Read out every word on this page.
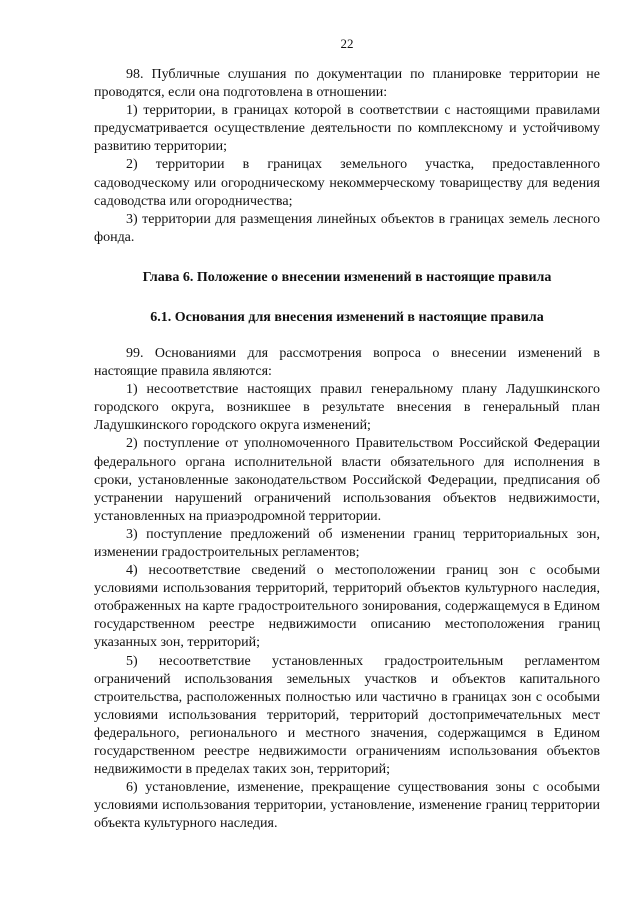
22

98. Публичные слушания по документации по планировке территории не проводятся, если она подготовлена в отношении:

1) территории, в границах которой в соответствии с настоящими правилами предусматривается осуществление деятельности по комплексному и устойчивому развитию территории;

2) территории в границах земельного участка, предоставленного садоводческому или огородническому некоммерческому товариществу для ведения садоводства или огородничества;

3) территории для размещения линейных объектов в границах земель лесного фонда.

Глава 6. Положение о внесении изменений в настоящие правила

6.1. Основания для внесения изменений в настоящие правила

99. Основаниями для рассмотрения вопроса о внесении изменений в настоящие правила являются:

1) несоответствие настоящих правил генеральному плану Ладушкинского городского округа, возникшее в результате внесения в генеральный план Ладушкинского городского округа изменений;

2) поступление от уполномоченного Правительством Российской Федерации федерального органа исполнительной власти обязательного для исполнения в сроки, установленные законодательством Российской Федерации, предписания об устранении нарушений ограничений использования объектов недвижимости, установленных на приаэродромной территории.

3) поступление предложений об изменении границ территориальных зон, изменении градостроительных регламентов;

4) несоответствие сведений о местоположении границ зон с особыми условиями использования территорий, территорий объектов культурного наследия, отображенных на карте градостроительного зонирования, содержащемуся в Едином государственном реестре недвижимости описанию местоположения границ указанных зон, территорий;

5) несоответствие установленных градостроительным регламентом ограничений использования земельных участков и объектов капитального строительства, расположенных полностью или частично в границах зон с особыми условиями использования территорий, территорий достопримечательных мест федерального, регионального и местного значения, содержащимся в Едином государственном реестре недвижимости ограничениям использования объектов недвижимости в пределах таких зон, территорий;

6) установление, изменение, прекращение существования зоны с особыми условиями использования территории, установление, изменение границ территории объекта культурного наследия.
